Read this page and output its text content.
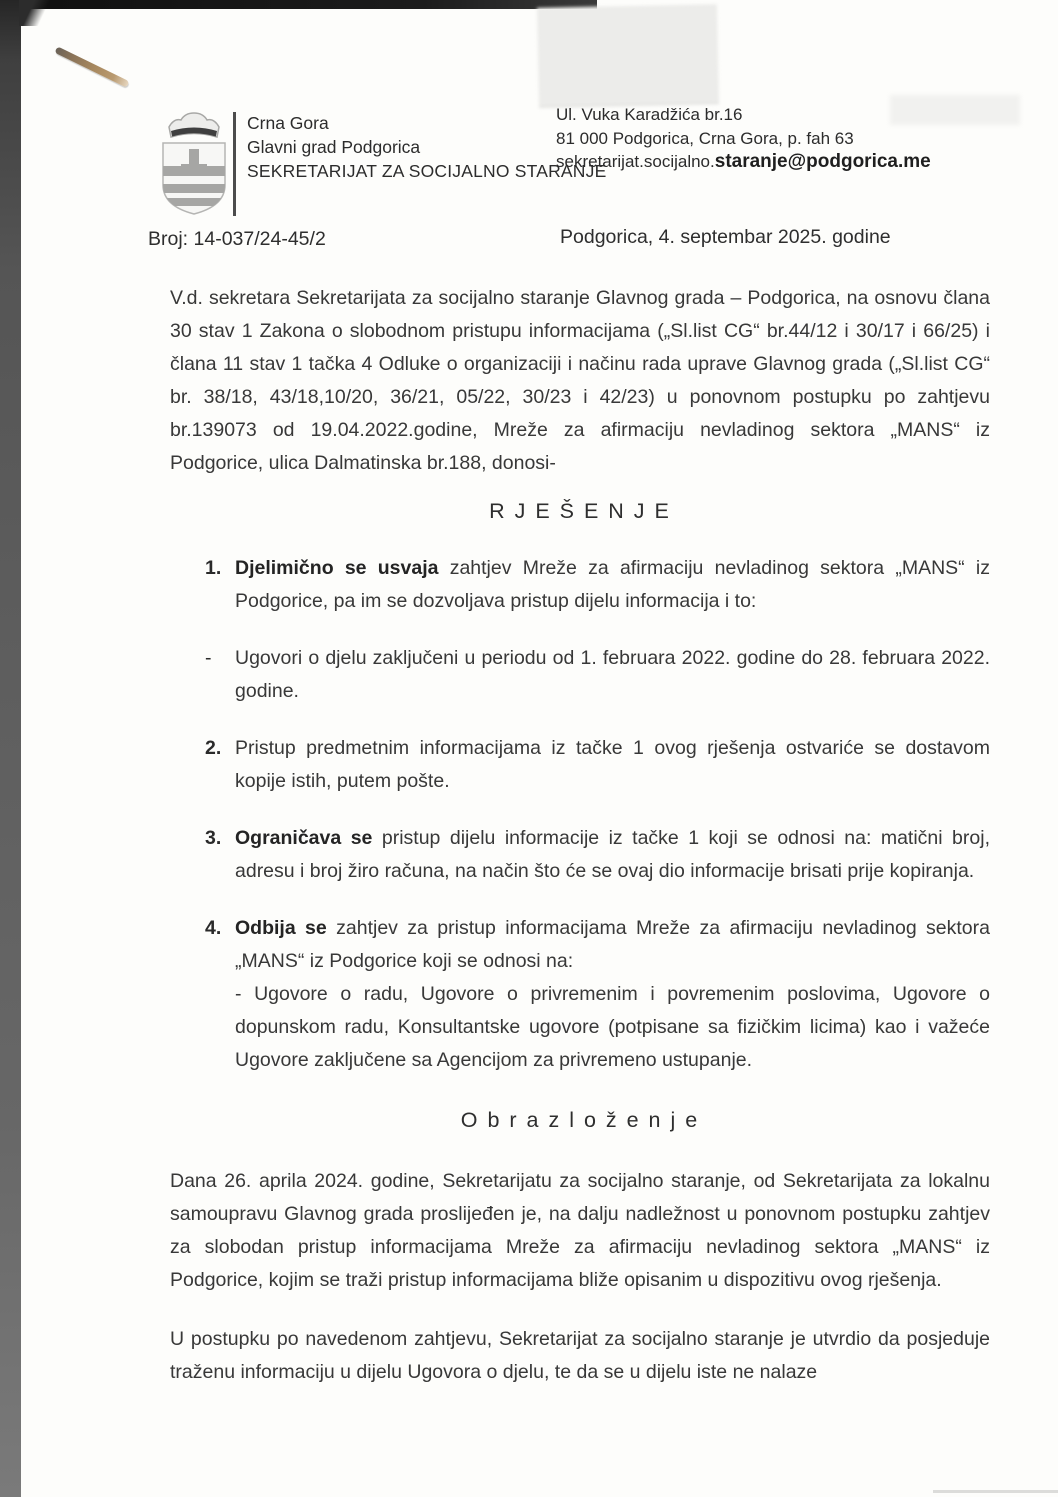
Crna Gora
Glavni grad Podgorica
SEKRETARIJAT ZA SOCIJALNO STARANJE
Ul. Vuka Karadžića br.16
81 000 Podgorica, Crna Gora, p. fah 63
sekretarijat.socijalno.staranje@podgorica.me
Broj: 14-037/24-45/2	Podgorica, 4. septembar 2025. godine

V.d. sekretara Sekretarijata za socijalno staranje Glavnog grada – Podgorica, na osnovu člana 30 stav 1 Zakona o slobodnom pristupu informacijama („Sl.list CG“ br.44/12 i 30/17 i 66/25) i člana 11 stav 1 tačka 4 Odluke o organizaciji i načinu rada uprave Glavnog grada („Sl.list CG“ br. 38/18, 43/18,10/20, 36/21, 05/22, 30/23 i 42/23) u ponovnom postupku po zahtjevu br.139073 od 19.04.2022.godine, Mreže za afirmaciju nevladinog sektora „MANS“ iz Podgorice, ulica Dalmatinska br.188, donosi-

R J E Š E N J E
1. Djelimično se usvaja zahtjev Mreže za afirmaciju nevladinog sektora „MANS“ iz Podgorice, pa im se dozvoljava pristup dijelu informacija i to:
- Ugovori o djelu zaključeni u periodu od 1. februara 2022. godine do 28. februara 2022. godine.
2. Pristup predmetnim informacijama iz tačke 1 ovog rješenja ostvariće se dostavom kopije istih, putem pošte.
3. Ograničava se pristup dijelu informacije iz tačke 1 koji se odnosi na: matični broj, adresu i broj žiro računa, na način što će se ovaj dio informacije brisati prije kopiranja.
4. Odbija se zahtjev za pristup informacijama Mreže za afirmaciju nevladinog sektora „MANS“ iz Podgorice koji se odnosi na:
- Ugovore o radu, Ugovore o privremenim i povremenim poslovima, Ugovore o dopunskom radu, Konsultantske ugovore (potpisane sa fizičkim licima) kao i važeće Ugovore zaključene sa Agencijom za privremeno ustupanje.
O b r a z l o ž e n j e

Dana 26. aprila 2024. godine, Sekretarijatu za socijalno staranje, od Sekretarijata za lokalnu samoupravu Glavnog grada proslijeđen je, na dalju nadležnost u ponovnom postupku zahtjev za slobodan pristup informacijama Mreže za afirmaciju nevladinog sektora „MANS“ iz Podgorice, kojim se traži pristup informacijama bliže opisanim u dispozitivu ovog rješenja.

U postupku po navedenom zahtjevu, Sekretarijat za socijalno staranje je utvrdio da posjeduje traženu informaciju u dijelu Ugovora o djelu, te da se u dijelu iste ne nalaze
